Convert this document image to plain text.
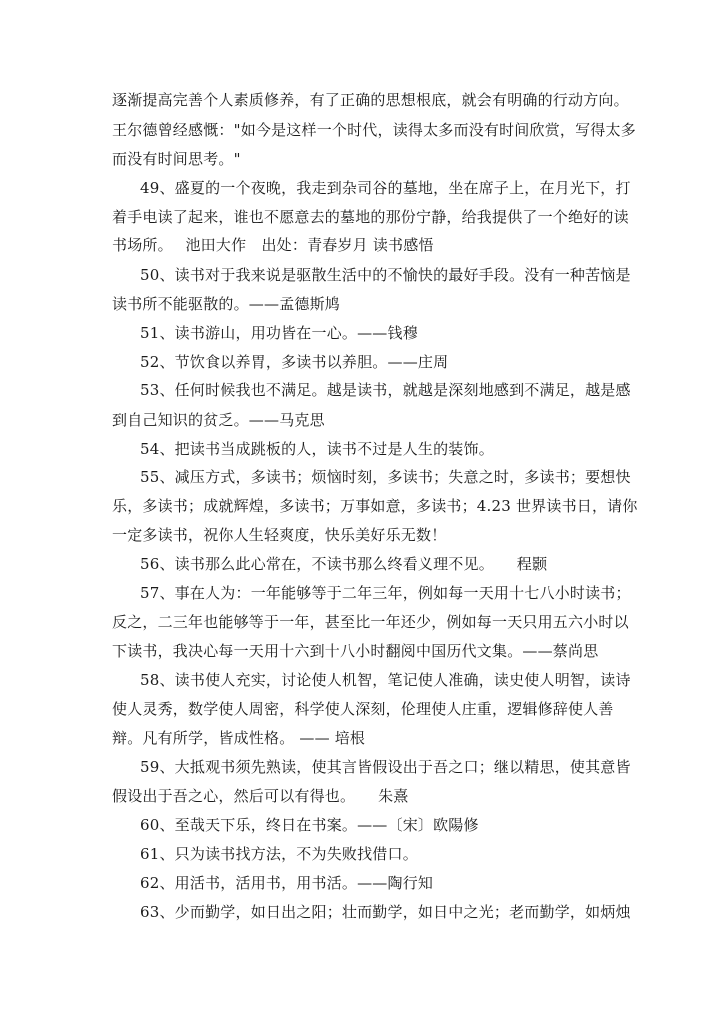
逐渐提高完善个人素质修养，有了正确的思想根底，就会有明确的行动方向。
王尔德曾经感慨："如今是这样一个时代，读得太多而没有时间欣赏，写得太多
而没有时间思考。"
49、盛夏的一个夜晚，我走到杂司谷的墓地，坐在席子上，在月光下，打
着手电读了起来，谁也不愿意去的墓地的那份宁静，给我提供了一个绝好的读
书场所。　 池田大作　出处：青春岁月 读书感悟
50、读书对于我来说是驱散生活中的不愉快的最好手段。没有一种苦恼是
读书所不能驱散的。——孟德斯鸠
51、读书游山，用功皆在一心。——钱穆
52、节饮食以养胃，多读书以养胆。——庄周
53、任何时候我也不满足。越是读书，就越是深刻地感到不满足，越是感
到自己知识的贫乏。——马克思
54、把读书当成跳板的人，读书不过是人生的装饰。
55、减压方式，多读书；烦恼时刻，多读书；失意之时，多读书；要想快
乐，多读书；成就辉煌，多读书；万事如意，多读书；4.23 世界读书日，请你
一定多读书，祝你人生轻爽度，快乐美好乐无数！
56、读书那么此心常在，不读书那么终看义理不见。　　程颢
57、事在人为：一年能够等于二年三年，例如每一天用十七八小时读书；
反之，二三年也能够等于一年，甚至比一年还少，例如每一天只用五六小时以
下读书，我决心每一天用十六到十八小时翻阅中国历代文集。——蔡尚思
58、读书使人充实，讨论使人机智，笔记使人准确，读史使人明智，读诗
使人灵秀，数学使人周密，科学使人深刻，伦理使人庄重，逻辑修辞使人善
辩。凡有所学，皆成性格。 —— 培根
59、大抵观书须先熟读，使其言皆假设出于吾之口；继以精思，使其意皆
假设出于吾之心，然后可以有得也。　　朱熹
60、至哉天下乐，终日在书案。——〔宋〕欧陽修
61、只为读书找方法，不为失败找借口。
62、用活书，活用书，用书活。——陶行知
63、少而勤学，如日出之阳；壮而勤学，如日中之光；老而勤学，如炳烛
